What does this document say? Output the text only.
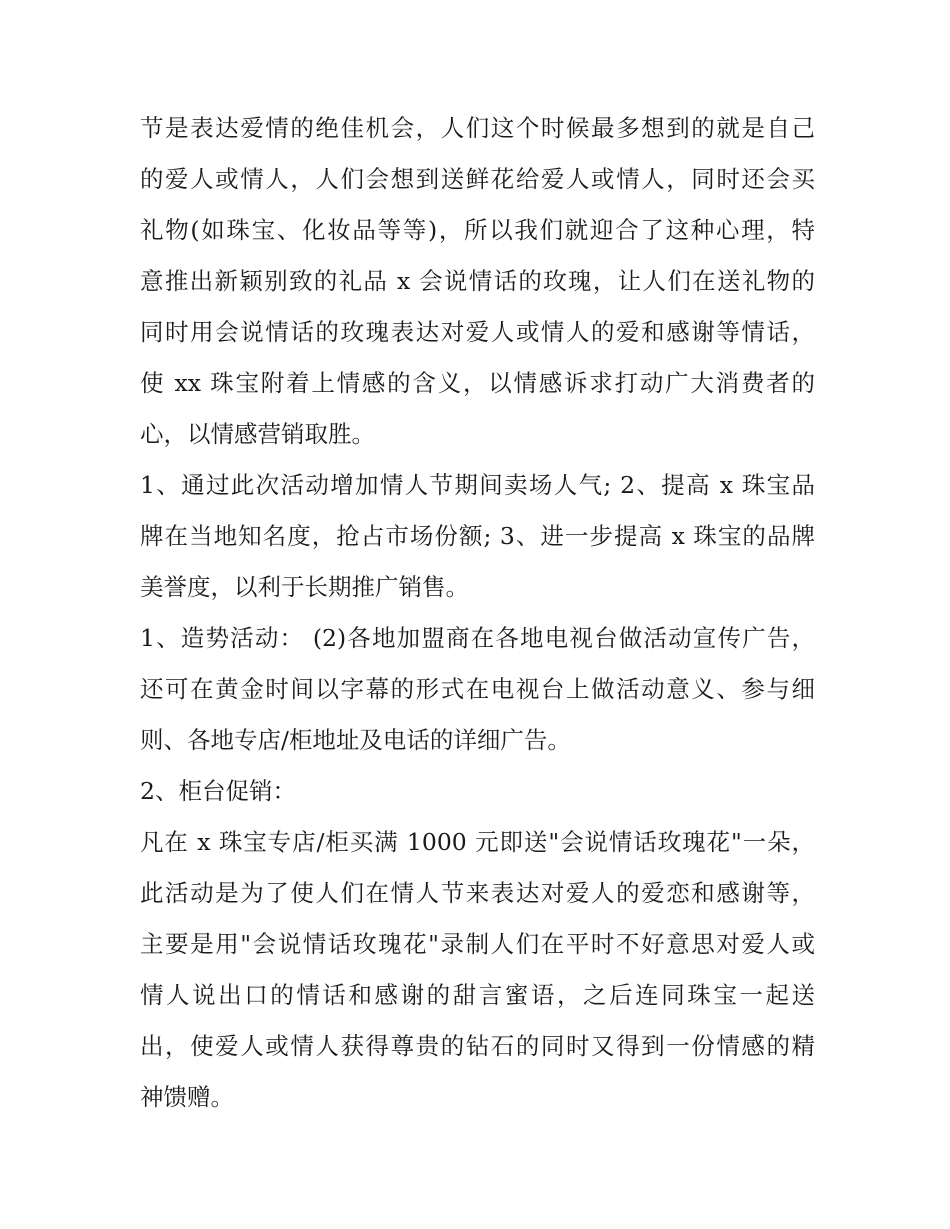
节是表达爱情的绝佳机会，人们这个时候最多想到的就是自己
的爱人或情人，人们会想到送鲜花给爱人或情人，同时还会买
礼物(如珠宝、化妆品等等)，所以我们就迎合了这种心理，特
意推出新颖别致的礼品 x 会说情话的玫瑰，让人们在送礼物的
同时用会说情话的玫瑰表达对爱人或情人的爱和感谢等情话，
使 xx 珠宝附着上情感的含义，以情感诉求打动广大消费者的
心，以情感营销取胜。
1、通过此次活动增加情人节期间卖场人气; 2、提高 x 珠宝品
牌在当地知名度，抢占市场份额; 3、进一步提高 x 珠宝的品牌
美誉度，以利于长期推广销售。
1、造势活动： (2)各地加盟商在各地电视台做活动宣传广告，
还可在黄金时间以字幕的形式在电视台上做活动意义、参与细
则、各地专店/柜地址及电话的详细广告。
2、柜台促销：
凡在 x 珠宝专店/柜买满 1000 元即送"会说情话玫瑰花"一朵，
此活动是为了使人们在情人节来表达对爱人的爱恋和感谢等，
主要是用"会说情话玫瑰花"录制人们在平时不好意思对爱人或
情人说出口的情话和感谢的甜言蜜语，之后连同珠宝一起送
出，使爱人或情人获得尊贵的钻石的同时又得到一份情感的精
神馈赠。
